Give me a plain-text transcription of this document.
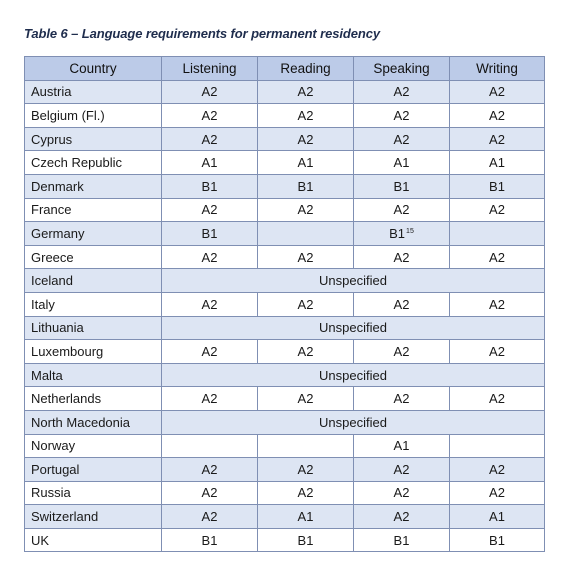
Table 6 – Language requirements for permanent residency
Country	Listening	Reading	Speaking	Writing
Austria	A2	A2	A2	A2
Belgium (Fl.)	A2	A2	A2	A2
Cyprus	A2	A2	A2	A2
Czech Republic	A1	A1	A1	A1
Denmark	B1	B1	B1	B1
France	A2	A2	A2	A2
Germany	B1		B1$^{15}$	
Greece	A2	A2	A2	A2
Iceland	Unspecified			
Italy	A2	A2	A2	A2
Lithuania	Unspecified			
Luxembourg	A2	A2	A2	A2
Malta	Unspecified			
Netherlands	A2	A2	A2	A2
North Macedonia	Unspecified			
Norway			A1	
Portugal	A2	A2	A2	A2
Russia	A2	A2	A2	A2
Switzerland	A2	A1	A2	A1
UK	B1	B1	B1	B1
